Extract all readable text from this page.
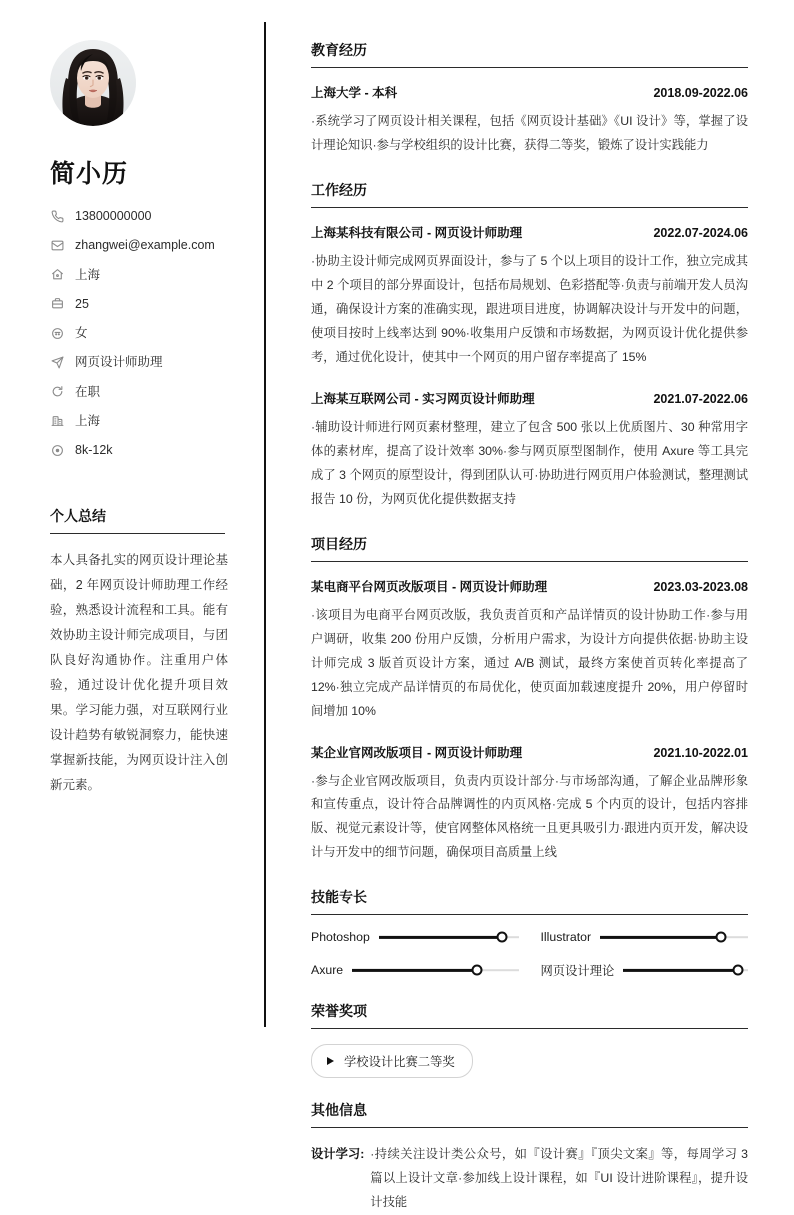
简小历
13800000000
zhangwei@example.com
上海
25
女
网页设计师助理
在职
上海
8k-12k
个人总结

本人具备扎实的网页设计理论基础，2 年网页设计师助理工作经验，熟悉设计流程和工具。能有效协助主设计师完成项目，与团队良好沟通协作。注重用户体验，通过设计优化提升项目效果。学习能力强，对互联网行业设计趋势有敏锐洞察力，能快速掌握新技能，为网页设计注入创新元素。

教育经历
上海大学 - 本科	2018.09-2022.06

·系统学习了网页设计相关课程，包括《网页设计基础》《UI 设计》等，掌握了设计理论知识·参与学校组织的设计比赛，获得二等奖，锻炼了设计实践能力

工作经历
上海某科技有限公司 - 网页设计师助理	2022.07-2024.06

·协助主设计师完成网页界面设计，参与了 5 个以上项目的设计工作，独立完成其中 2 个项目的部分界面设计，包括布局规划、色彩搭配等·负责与前端开发人员沟通，确保设计方案的准确实现，跟进项目进度，协调解决设计与开发中的问题，使项目按时上线率达到 90%·收集用户反馈和市场数据，为网页设计优化提供参考，通过优化设计，使其中一个网页的用户留存率提高了 15%

上海某互联网公司 - 实习网页设计师助理	2021.07-2022.06

·辅助设计师进行网页素材整理，建立了包含 500 张以上优质图片、30 种常用字体的素材库，提高了设计效率 30%·参与网页原型图制作，使用 Axure 等工具完成了 3 个网页的原型设计，得到团队认可·协助进行网页用户体验测试，整理测试报告 10 份，为网页优化提供数据支持

项目经历
某电商平台网页改版项目 - 网页设计师助理	2023.03-2023.08

·该项目为电商平台网页改版，我负责首页和产品详情页的设计协助工作·参与用户调研，收集 200 份用户反馈，分析用户需求，为设计方向提供依据·协助主设计师完成 3 版首页设计方案，通过 A/B 测试，最终方案使首页转化率提高了 12%·独立完成产品详情页的布局优化，使页面加载速度提升 20%，用户停留时间增加 10%

某企业官网改版项目 - 网页设计师助理	2021.10-2022.01

·参与企业官网改版项目，负责内页设计部分·与市场部沟通，了解企业品牌形象和宣传重点，设计符合品牌调性的内页风格·完成 5 个内页的设计，包括内容排版、视觉元素设计等，使官网整体风格统一且更具吸引力·跟进内页开发，解决设计与开发中的细节问题，确保项目高质量上线

技能专长
Photoshop	Illustrator
Axure	网页设计理论
荣誉奖项
学校设计比赛二等奖
其他信息
设计学习: ·持续关注设计类公众号，如『设计赛』『顶尖文案』等，每周学习 3 篇以上设计文章·参加线上设计课程，如『UI 设计进阶课程』，提升设计技能
